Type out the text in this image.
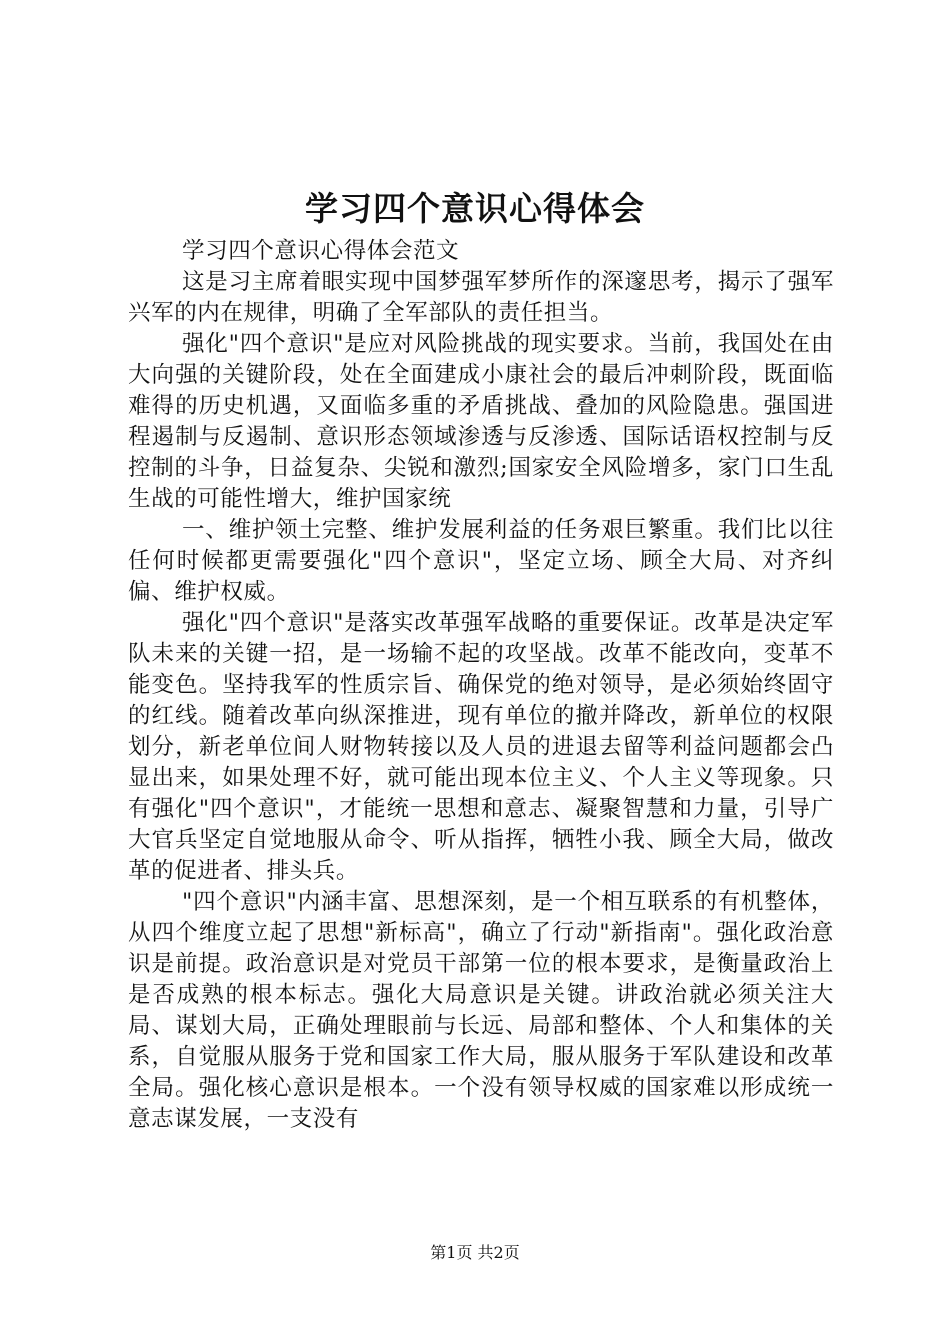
学习四个意识心得体会

学习四个意识心得体会范文

这是习主席着眼实现中国梦强军梦所作的深邃思考，揭示了强军兴军的内在规律，明确了全军部队的责任担当。

强化"四个意识"是应对风险挑战的现实要求。当前，我国处在由大向强的关键阶段，处在全面建成小康社会的最后冲刺阶段，既面临难得的历史机遇，又面临多重的矛盾挑战、叠加的风险隐患。强国进程遏制与反遏制、意识形态领域渗透与反渗透、国际话语权控制与反控制的斗争，日益复杂、尖锐和激烈;国家安全风险增多，家门口生乱生战的可能性增大，维护国家统

一、维护领土完整、维护发展利益的任务艰巨繁重。我们比以往任何时候都更需要强化"四个意识"，坚定立场、顾全大局、对齐纠偏、维护权威。

强化"四个意识"是落实改革强军战略的重要保证。改革是决定军队未来的关键一招，是一场输不起的攻坚战。改革不能改向，变革不能变色。坚持我军的性质宗旨、确保党的绝对领导，是必须始终固守的红线。随着改革向纵深推进，现有单位的撤并降改，新单位的权限划分，新老单位间人财物转接以及人员的进退去留等利益问题都会凸显出来，如果处理不好，就可能出现本位主义、个人主义等现象。只有强化"四个意识"，才能统一思想和意志、凝聚智慧和力量，引导广大官兵坚定自觉地服从命令、听从指挥，牺牲小我、顾全大局，做改革的促进者、排头兵。

"四个意识"内涵丰富、思想深刻，是一个相互联系的有机整体，从四个维度立起了思想"新标高"，确立了行动"新指南"。强化政治意识是前提。政治意识是对党员干部第一位的根本要求，是衡量政治上是否成熟的根本标志。强化大局意识是关键。讲政治就必须关注大局、谋划大局，正确处理眼前与长远、局部和整体、个人和集体的关系，自觉服从服务于党和国家工作大局，服从服务于军队建设和改革全局。强化核心意识是根本。一个没有领导权威的国家难以形成统一意志谋发展，一支没有

第1页 共2页
